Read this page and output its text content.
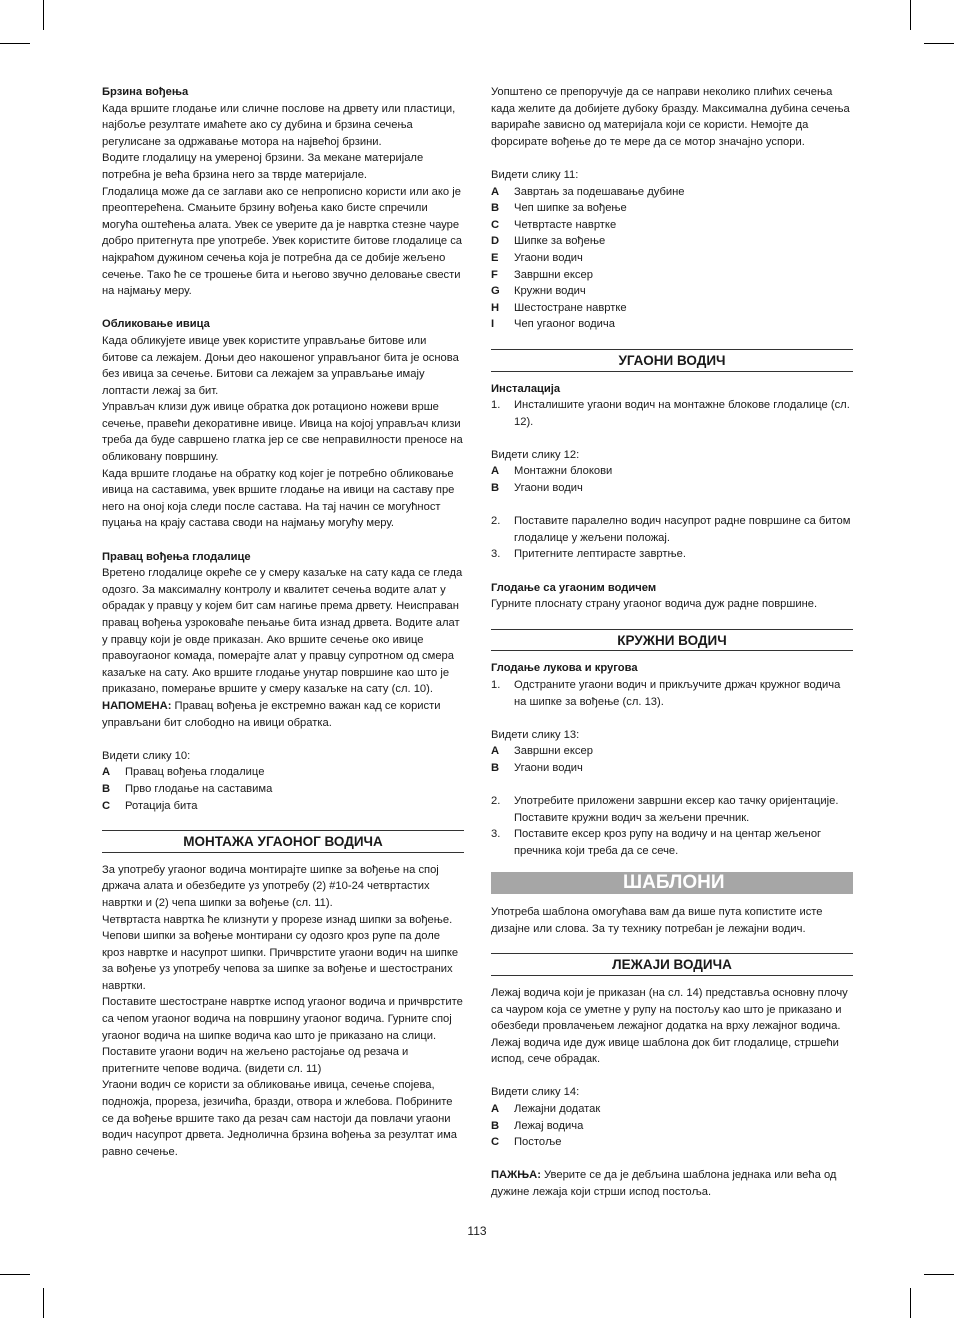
Брзина вођења

Када вршите глодање или сличне послове на дрвету или пластици, најбоље резултате имаћете ако су дубина и брзина сечења регулисане за одржавање мотора на највећој брзини.

Водите глодалицу на умереној брзини. За мекане материјале потребна је већа брзина него за тврде материјале.

Глодалица може да се заглави ако се непрописно користи или ако је преоптерећена. Смањите брзину вођења како бисте спречили могућа оштећења алата. Увек се уверите да је навртка стезне чауре добро притегнута пре употребе. Увек користите битове глодалице са најкраћом дужином сечења која је потребна да се добије жељено сечење. Тако ће се трошење бита и његово звучно деловање свести на најмању меру.

Обликовање ивица

Када обликујете ивице увек користите управљање битове или битове са лежајем. Доњи део накошеног управљаног бита је основа без ивица за сечење. Битови са лежајем за управљање имају лоптасти лежај за бит.

Управљач клизи дуж ивице обратка док ротационо ножеви врше сечење, правећи декоративне ивице. Ивица на којој управљач клизи треба да буде савршено глатка јер се све неправилности преносе на обликовану површину.

Када вршите глодање на обратку код којег је потребно обликовање ивица на саставима, увек вршите глодање на ивици на саставу пре него на оној која следи после састава. На тај начин се могућност пуцања на крају састава своди на најмању могућу меру.

Правац вођења глодалице

Вретено глодалице окреће се у смеру казаљке на сату када се гледа одозго. За максималну контролу и квалитет сечења водите алат у обрадак у правцу у којем бит сам нагиње према дрвету. Неисправан правац вођења узроковаће пењање бита изнад дрвета. Водите алат у правцу који је овде приказан. Ако вршите сечење око ивице правоугаоног комада, померајте алат у правцу супротном од смера казаљке на сату. Ако вршите глодање унутар површине као што је приказано, померање вршите у смеру казаљке на сату (сл. 10).

НАПОМЕНА: Правац вођења је екстремно важан кад се користи управљани бит слободно на ивици обратка.

Видети слику 10:

A	Правац вођења глодалице
B	Прво глодање на саставима
C	Ротација бита
МОНТАЖА УГАОНОГ ВОДИЧА

За употребу угаоног водича монтирајте шипке за вођење на спој држача алата и обезбедите уз употребу (2) #10-24 четвртастих навртки и (2) чепа шипки за вођење (сл. 11).

Четвртаста навртка ће клизнути у прорезе изнад шипки за вођење. Чепови шипки за вођење монтирани су одозго кроз рупе па доле кроз навртке и насупрот шипки. Причврстите угаони водич на шипке за вођење уз употребу чепова за шипке за вођење и шестостраних навртки.

Поставите шестостране навртке испод угаоног водича и причврстите са чепом угаоног водича на површину угаоног водича. Гурните спој угаоног водича на шипке водича као што је приказано на слици. Поставите угаони водич на жељено растојање од резача и притегните чепове водича. (видети сл. 11)

Угаони водич се користи за обликовање ивица, сечење спојева, подножја, прореза, језичића, бразди, отвора и жлебова. Побрините се да вођење вршите тако да резач сам настоји да повлачи угаони водич насупрот дрвета. Једнолична брзина вођења за резултат има равно сечење.

Уопштено се препоручује да се направи неколико плићих сечења када желите да добијете дубоку бразду. Максимална дубина сечења варираће зависно од материјала који се користи. Немојте да форсирате вођење до те мере да се мотор значајно успори.

Видети слику 11:

A	Завртањ за подешавање дубине
B	Чеп шипке за вођење
C	Четвртасте навртке
D	Шипке за вођење
E	Угаони водич
F	Завршни ексер
G	Кружни водич
H	Шестостране навртке
I	Чеп угаоног водича
УГАОНИ ВОДИЧ

Инсталација

1.	Инсталишите угаони водич на монтажне блокове глодалице (сл. 12).

Видети слику 12:

A	Монтажни блокови
B	Угаони водич
2.	Поставите паралелно водич насупрот радне површине са битом глодалице у жељени положај.
3.	Притегните лептирасте завртње.

Глодање са угаоним водичем

Гурните плоснату страну угаоног водича дуж радне површине.

КРУЖНИ ВОДИЧ

Глодање лукова и кругова

1.	Одстраните угаони водич и прикључите држач кружног водича на шипке за вођење (сл. 13).

Видети слику 13:

A	Завршни ексер
B	Угаони водич
2.	Употребите приложени завршни ексер као тачку оријентације. Поставите кружни водич за жељени пречник.
3.	Поставите ексер кроз рупу на водичу и на центар жељеног пречника који треба да се сече.
ШАБЛОНИ

Употреба шаблона омогућава вам да више пута копистите исте дизајне или слова. За ту технику потребан је лежајни водич.

ЛЕЖАЈИ ВОДИЧА

Лежај водича који је приказан (на сл. 14) представља основну плочу са чауром која се уметне у рупу на постољу као што је приказано и обезбеди провлачењем лежајног додатка на врху лежајног водича. Лежај водича иде дуж ивице шаблона док бит глодалице, стршећи испод, сече обрадак.

Видети слику 14:

A	Лежајни додатак
B	Лежај водича
C	Постоље

ПАЖЊА: Уверите се да је дебљина шаблона једнака или већа од дужине лежаја који стрши испод постоља.

113
